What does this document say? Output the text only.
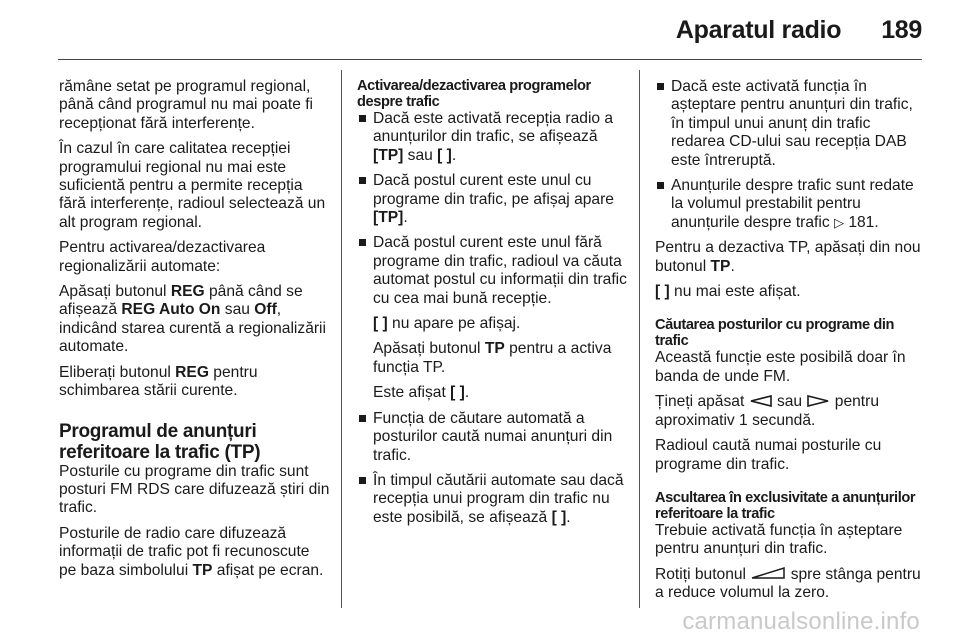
Aparatul radio 189

rămâne setat pe programul regional, până când programul nu mai poate fi recepționat fără interferențe.

În cazul în care calitatea recepției programului regional nu mai este suficientă pentru a permite recepția fără interferențe, radioul selectează un alt program regional.

Pentru activarea/dezactivarea regionalizării automate:

Apăsați butonul REG până când se afișează REG Auto On sau Off, indicând starea curentă a regionalizării automate.

Eliberați butonul REG pentru schimbarea stării curente.

Programul de anunțuri referitoare la trafic (TP)

Posturile cu programe din trafic sunt posturi FM RDS care difuzează știri din trafic.

Posturile de radio care difuzează informații de trafic pot fi recunoscute pe baza simbolului TP afișat pe ecran.

Activarea/dezactivarea programelor despre trafic
Dacă este activată recepția radio a anunțurilor din trafic, se afișează [TP] sau [ ].
Dacă postul curent este unul cu programe din trafic, pe afișaj apare [TP].
Dacă postul curent este unul fără programe din trafic, radioul va căuta automat postul cu informații din trafic cu cea mai bună recepție.
[ ] nu apare pe afișaj.
Apăsați butonul TP pentru a activa funcția TP.
Este afișat [ ].
Funcția de căutare automată a posturilor caută numai anunțuri din trafic.
În timpul căutării automate sau dacă recepția unui program din trafic nu este posibilă, se afișează [ ].
Dacă este activată funcția în așteptare pentru anunțuri din trafic, în timpul unui anunț din trafic redarea CD-ului sau recepția DAB este întreruptă.
Anunțurile despre trafic sunt redate la volumul prestabilit pentru anunțurile despre trafic ▷ 181.

Pentru a dezactiva TP, apăsați din nou butonul TP.

[ ] nu mai este afișat.

Căutarea posturilor cu programe din trafic

Această funcție este posibilă doar în banda de unde FM.

Țineți apăsat  sau  pentru aproximativ 1 secundă.

Radioul caută numai posturile cu programe din trafic.

Ascultarea în exclusivitate a anunțurilor referitoare la trafic

Trebuie activată funcția în așteptare pentru anunțuri din trafic.

Rotiți butonul  spre stânga pentru a reduce volumul la zero.

carmanualsonline.info
